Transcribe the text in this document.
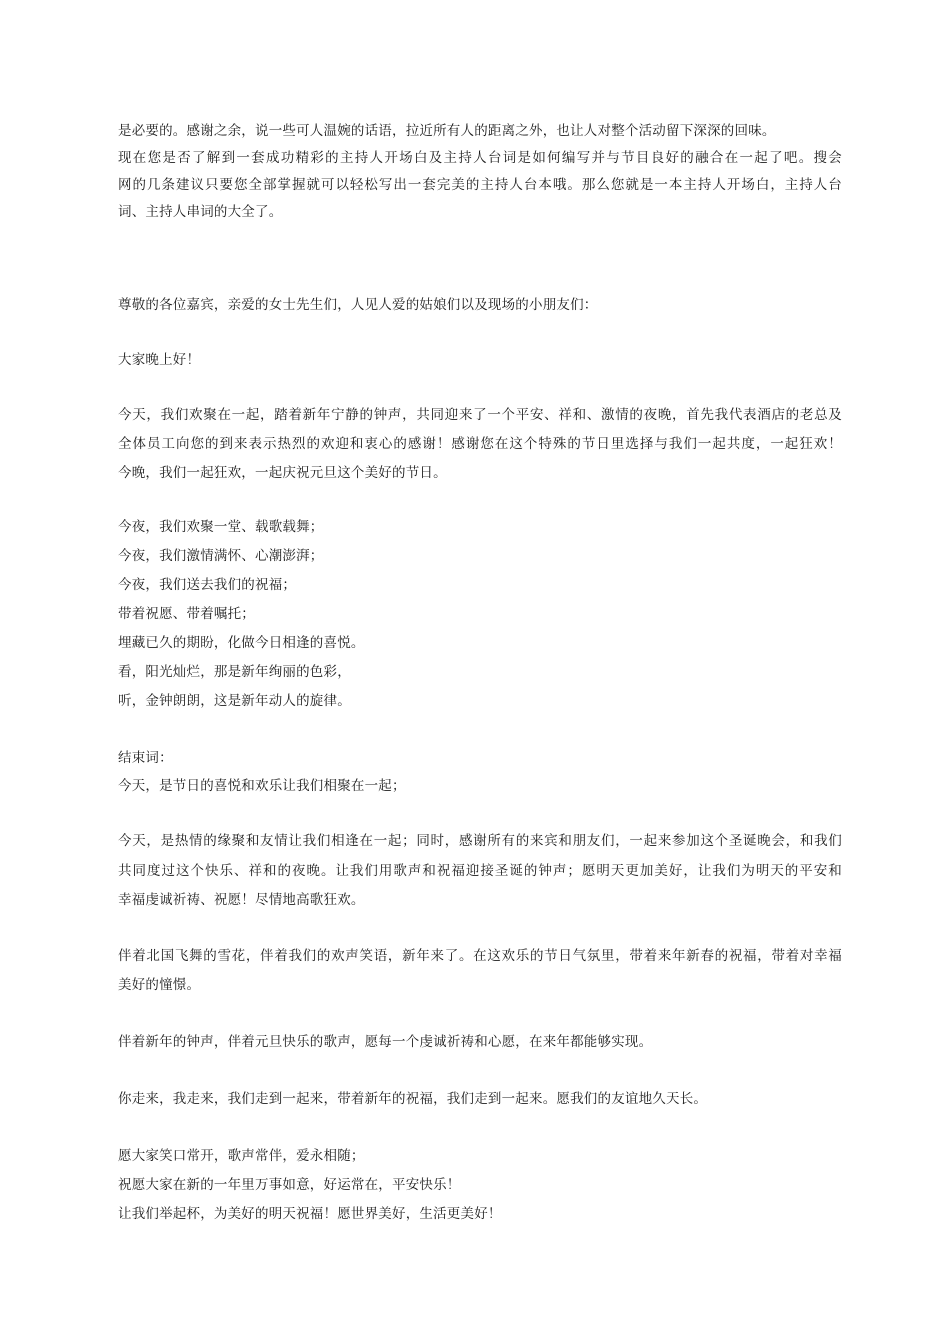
是必要的。感谢之余，说一些可人温婉的话语，拉近所有人的距离之外，也让人对整个活动留下深深的回味。
现在您是否了解到一套成功精彩的主持人开场白及主持人台词是如何编写并与节目良好的融合在一起了吧。搜会
网的几条建议只要您全部掌握就可以轻松写出一套完美的主持人台本哦。那么您就是一本主持人开场白，主持人台
词、主持人串词的大全了。
尊敬的各位嘉宾，亲爱的女士先生们，人见人爱的姑娘们以及现场的小朋友们：
大家晚上好！
今天，我们欢聚在一起，踏着新年宁静的钟声，共同迎来了一个平安、祥和、激情的夜晚，首先我代表酒店的老总及
全体员工向您的到来表示热烈的欢迎和衷心的感谢！感谢您在这个特殊的节日里选择与我们一起共度，一起狂欢！
今晚，我们一起狂欢，一起庆祝元旦这个美好的节日。
今夜，我们欢聚一堂、载歌载舞；
今夜，我们激情满怀、心潮澎湃；
今夜，我们送去我们的祝福；
带着祝愿、带着嘱托；
埋藏已久的期盼，化做今日相逢的喜悦。
看，阳光灿烂，那是新年绚丽的色彩，
听，金钟朗朗，这是新年动人的旋律。
结束词：
今天，是节日的喜悦和欢乐让我们相聚在一起；
今天，是热情的缘聚和友情让我们相逢在一起；同时，感谢所有的来宾和朋友们，一起来参加这个圣诞晚会，和我们
共同度过这个快乐、祥和的夜晚。让我们用歌声和祝福迎接圣诞的钟声；愿明天更加美好，让我们为明天的平安和
幸福虔诚祈祷、祝愿！尽情地高歌狂欢。
伴着北国飞舞的雪花，伴着我们的欢声笑语，新年来了。在这欢乐的节日气氛里，带着来年新春的祝福，带着对幸福
美好的憧憬。
伴着新年的钟声，伴着元旦快乐的歌声，愿每一个虔诚祈祷和心愿，在来年都能够实现。
你走来，我走来，我们走到一起来，带着新年的祝福，我们走到一起来。愿我们的友谊地久天长。
愿大家笑口常开，歌声常伴，爱永相随；
祝愿大家在新的一年里万事如意，好运常在，平安快乐！
让我们举起杯，为美好的明天祝福！愿世界美好，生活更美好！
